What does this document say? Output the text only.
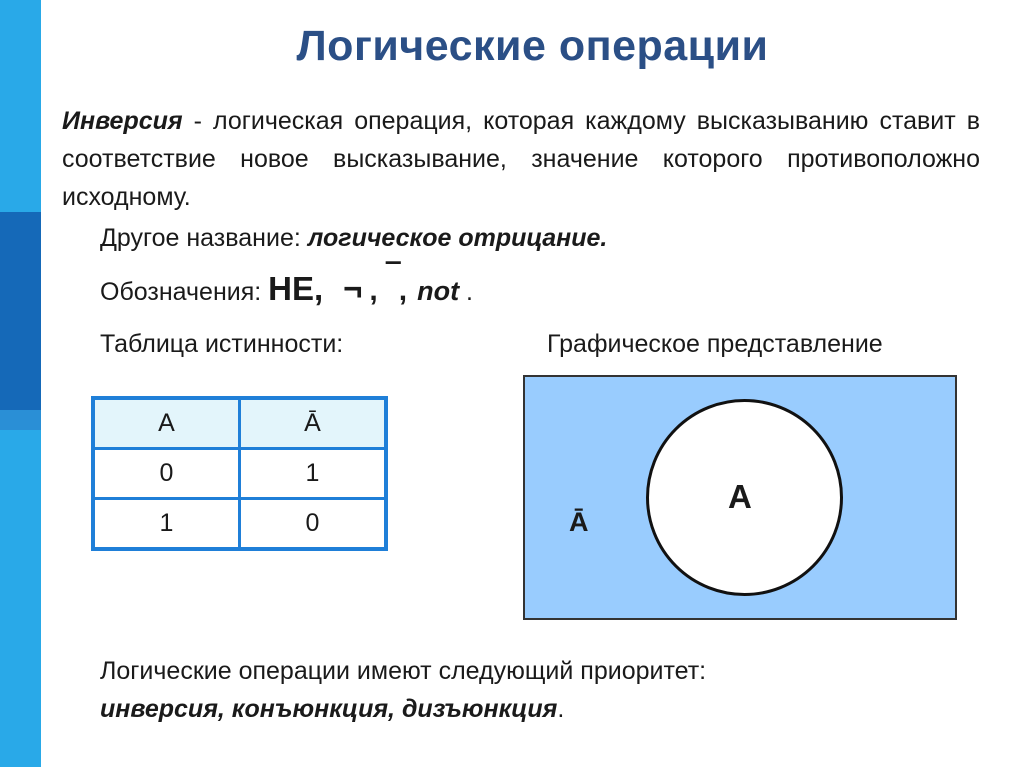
Логические операции
Инверсия - логическая операция, которая каждому высказыванию ставит в соответствие новое высказывание, значение которого противоположно исходному.
Другое название: логическое отрицание.
Обозначения: НЕ, ¬ , ‾, not .
Таблица истинности:	Графическое представление
A	Ā
0	1
1	0
A
Ā
Логические операции имеют следующий приоритет:
инверсия, конъюнкция, дизъюнкция.
